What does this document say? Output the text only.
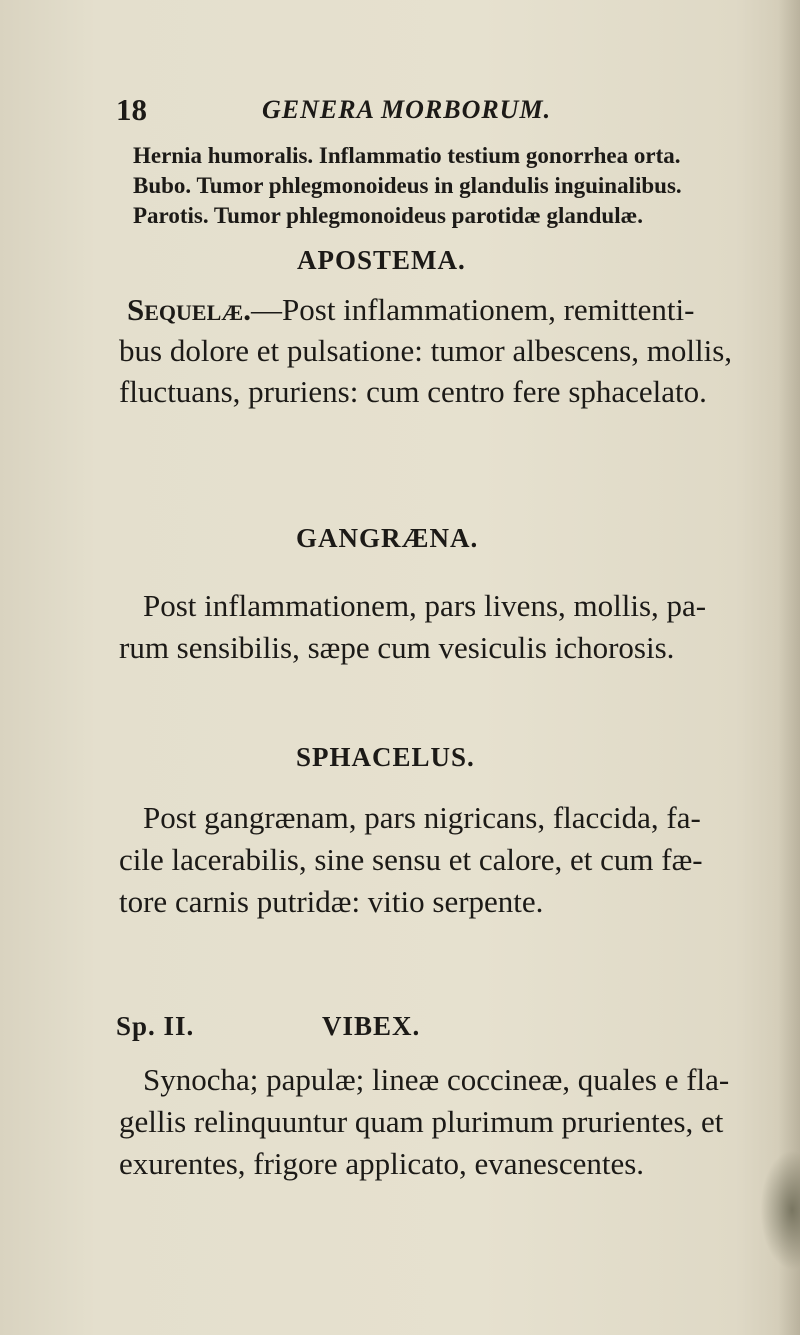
18	GENERA MORBORUM.
Hernia humoralis. Inflammatio testium gonorrhea orta.
Bubo. Tumor phlegmonoideus in glandulis inguinalibus.
Parotis. Tumor phlegmonoideus parotidæ glandulæ.
APOSTEMA.
Sequelæ.—Post inflammationem, remittenti-
bus dolore et pulsatione: tumor albescens, mollis,
fluctuans, pruriens: cum centro fere sphacelato.
GANGRÆNA.
Post inflammationem, pars livens, mollis, pa-
rum sensibilis, sæpe cum vesiculis ichorosis.
SPHACELUS.
Post gangrænam, pars nigricans, flaccida, fa-
cile lacerabilis, sine sensu et calore, et cum fæ-
tore carnis putridæ: vitio serpente.
Sp. II.	VIBEX.
Synocha; papulæ; lineæ coccineæ, quales e fla-
gellis relinquuntur quam plurimum prurientes, et
exurentes, frigore applicato, evanescentes.
